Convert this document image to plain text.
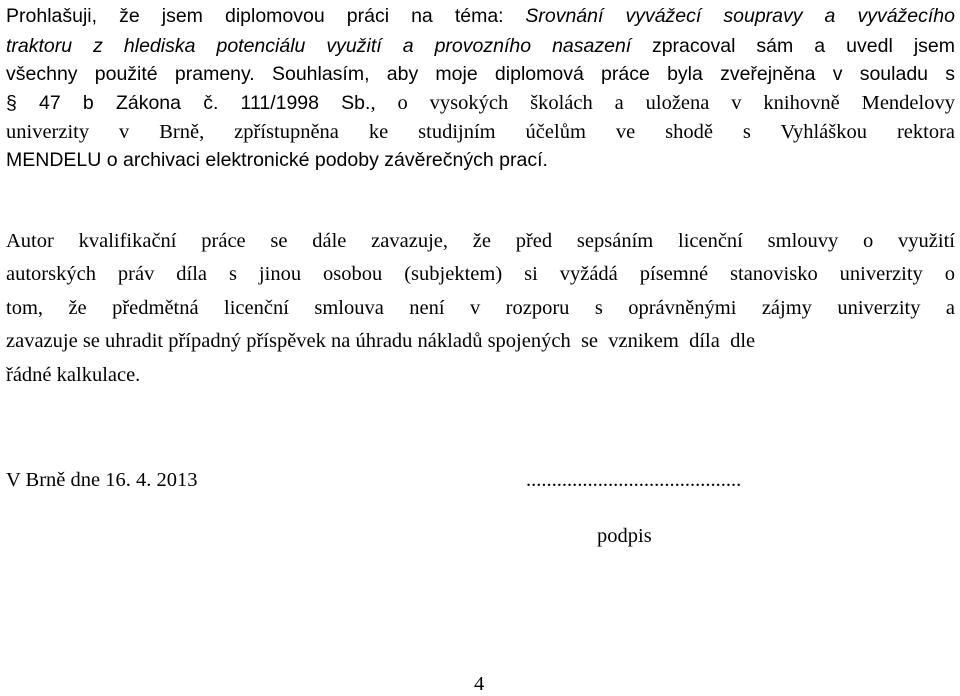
Prohlašuji, že jsem diplomovou práci na téma: Srovnání vyvážecí soupravy a vyvážecího
traktoru z hlediska potenciálu využití a provozního nasazení zpracoval sám a uvedl jsem
všechny použité prameny. Souhlasím, aby moje diplomová práce byla zveřejněna v souladu s
§ 47 b Zákona č. 111/1998 Sb., o vysokých školách a uložena v knihovně Mendelovy
univerzity v Brně, zpřístupněna ke studijním účelům ve shodě s Vyhláškou rektora
MENDELU o archivaci elektronické podoby závěrečných prací.
Autor kvalifikační práce se dále zavazuje, že před sepsáním licenční smlouvy o využití
autorských práv díla s jinou osobou (subjektem) si vyžádá písemné stanovisko univerzity o
tom, že předmětná licenční smlouva není v rozporu s oprávněnými zájmy univerzity a
zavazuje se uhradit případný příspěvek na úhradu nákladů spojených  se  vznikem  díla  dle
řádné kalkulace.
V Brně dne 16. 4. 2013	..........................................
podpis
4
